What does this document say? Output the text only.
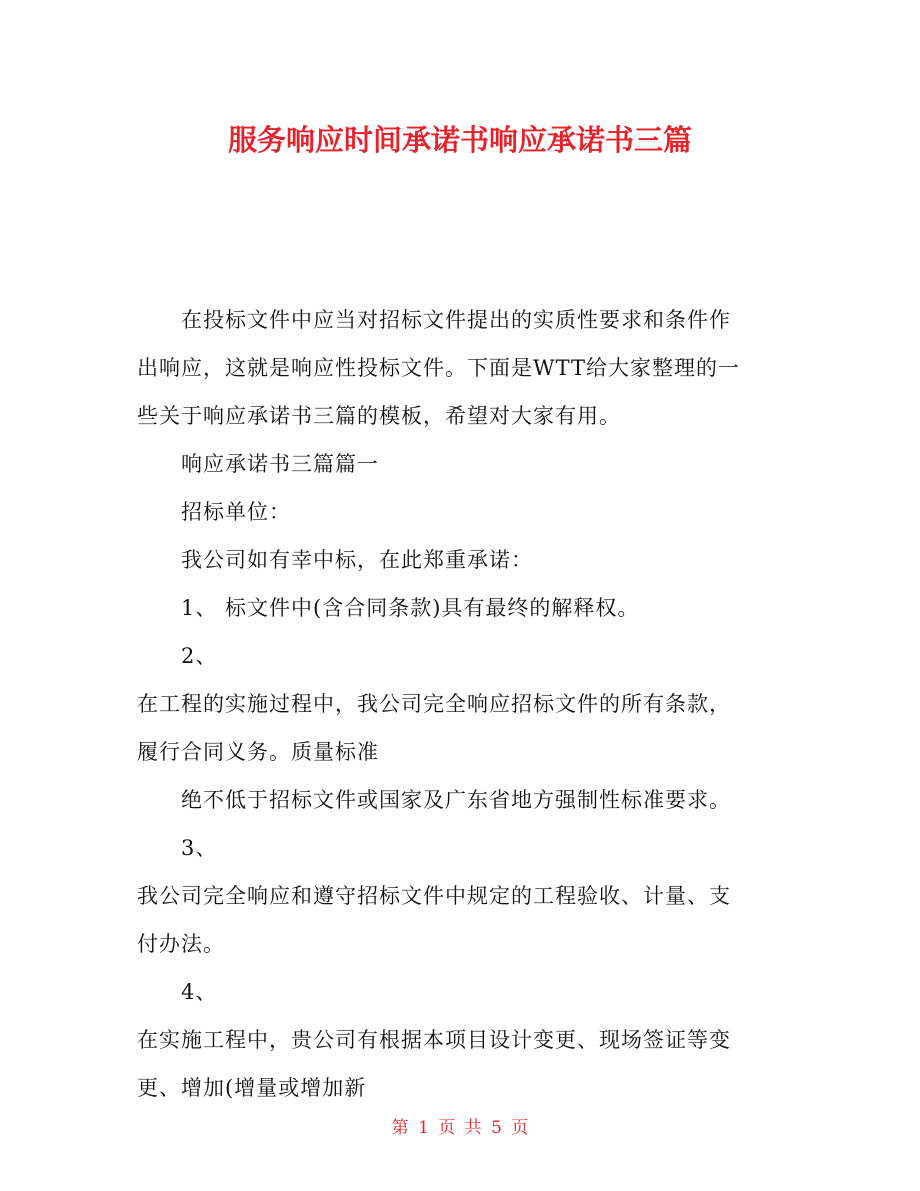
服务响应时间承诺书响应承诺书三篇

在投标文件中应当对招标文件提出的实质性要求和条件作

出响应，这就是响应性投标文件。下面是WTT给大家整理的一

些关于响应承诺书三篇的模板，希望对大家有用。

响应承诺书三篇篇一

招标单位：

我公司如有幸中标，在此郑重承诺：

1、 标文件中(含合同条款)具有最终的解释权。

2、

在工程的实施过程中，我公司完全响应招标文件的所有条款，

履行合同义务。质量标准

绝不低于招标文件或国家及广东省地方强制性标准要求。

3、

我公司完全响应和遵守招标文件中规定的工程验收、计量、支

付办法。

4、

在实施工程中，贵公司有根据本项目设计变更、现场签证等变

更、增加(增量或增加新

第 1 页 共 5 页
